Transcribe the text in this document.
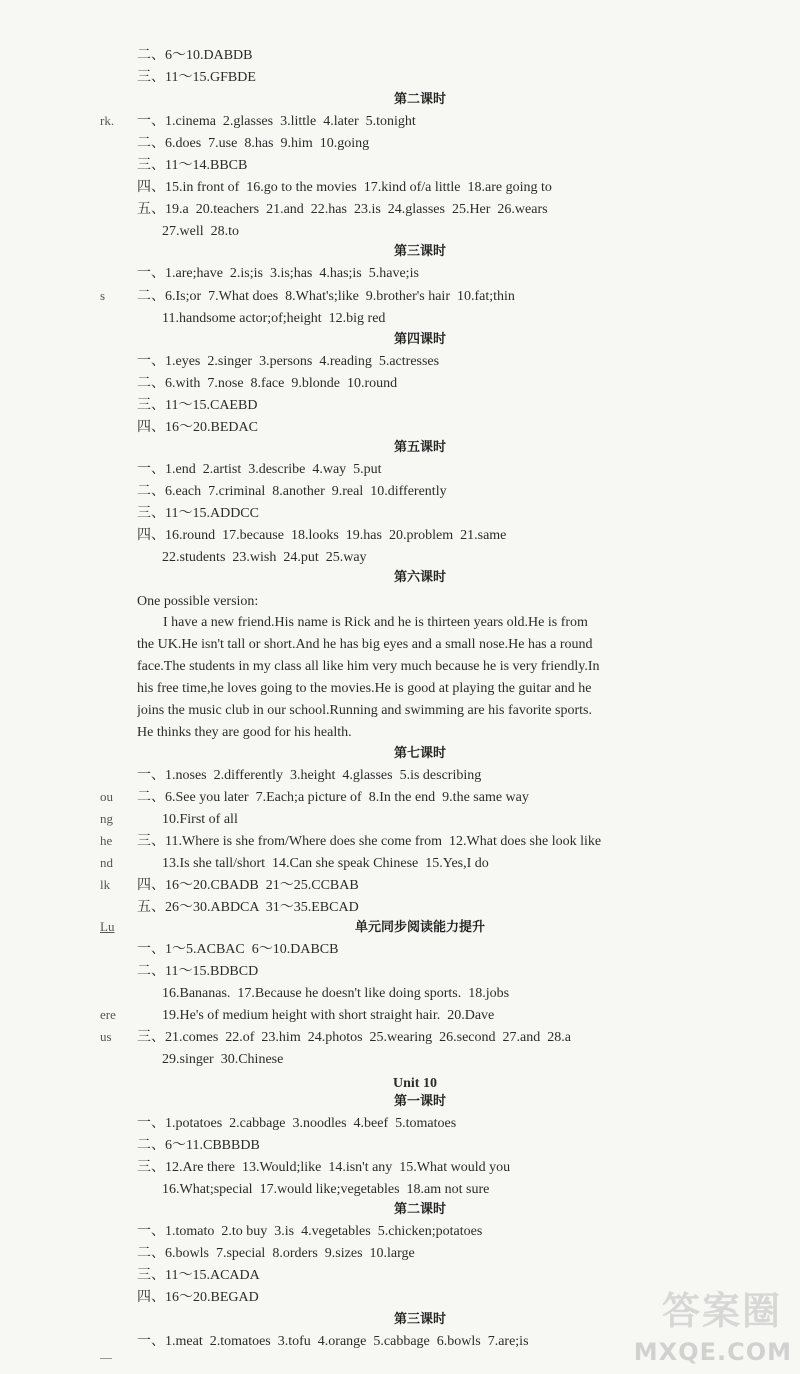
rk.
s
ou
ng
he
nd
lk
Lu
ere
us
二、6～10.DABDB
三、11～15.GFBDE
第二课时
一、1.cinema  2.glasses  3.little  4.later  5.tonight
二、6.does  7.use  8.has  9.him  10.going
三、11～14.BBCB
四、15.in front of  16.go to the movies  17.kind of/a little  18.are going to
五、19.a  20.teachers  21.and  22.has  23.is  24.glasses  25.Her  26.wears
27.well  28.to
第三课时
一、1.are;have  2.is;is  3.is;has  4.has;is  5.have;is
二、6.Is;or  7.What does  8.What's;like  9.brother's hair  10.fat;thin
11.handsome actor;of;height  12.big red
第四课时
一、1.eyes  2.singer  3.persons  4.reading  5.actresses
二、6.with  7.nose  8.face  9.blonde  10.round
三、11～15.CAEBD
四、16～20.BEDAC
第五课时
一、1.end  2.artist  3.describe  4.way  5.put
二、6.each  7.criminal  8.another  9.real  10.differently
三、11～15.ADDCC
四、16.round  17.because  18.looks  19.has  20.problem  21.same
22.students  23.wish  24.put  25.way
第六课时
One possible version:
I have a new friend.His name is Rick and he is thirteen years old.He is from
the UK.He isn't tall or short.And he has big eyes and a small nose.He has a round
face.The students in my class all like him very much because he is very friendly.In
his free time,he loves going to the movies.He is good at playing the guitar and he
joins the music club in our school.Running and swimming are his favorite sports.
He thinks they are good for his health.
第七课时
一、1.noses  2.differently  3.height  4.glasses  5.is describing
二、6.See you later  7.Each;a picture of  8.In the end  9.the same way
10.First of all
三、11.Where is she from/Where does she come from  12.What does she look like
13.Is she tall/short  14.Can she speak Chinese  15.Yes,I do
四、16～20.CBADB  21～25.CCBAB
五、26～30.ABDCA  31～35.EBCAD
单元同步阅读能力提升
一、1～5.ACBAC  6～10.DABCB
二、11～15.BDBCD
16.Bananas.  17.Because he doesn't like doing sports.  18.jobs
19.He's of medium height with short straight hair.  20.Dave
三、21.comes  22.of  23.him  24.photos  25.wearing  26.second  27.and  28.a
29.singer  30.Chinese
Unit 10
第一课时
一、1.potatoes  2.cabbage  3.noodles  4.beef  5.tomatoes
二、6～11.CBBBDB
三、12.Are there  13.Would;like  14.isn't any  15.What would you
16.What;special  17.would like;vegetables  18.am not sure
第二课时
一、1.tomato  2.to buy  3.is  4.vegetables  5.chicken;potatoes
二、6.bowls  7.special  8.orders  9.sizes  10.large
三、11～15.ACADA
四、16～20.BEGAD
第三课时
一、1.meat  2.tomatoes  3.tofu  4.orange  5.cabbage  6.bowls  7.are;is
答案圈
MXQE.COM
